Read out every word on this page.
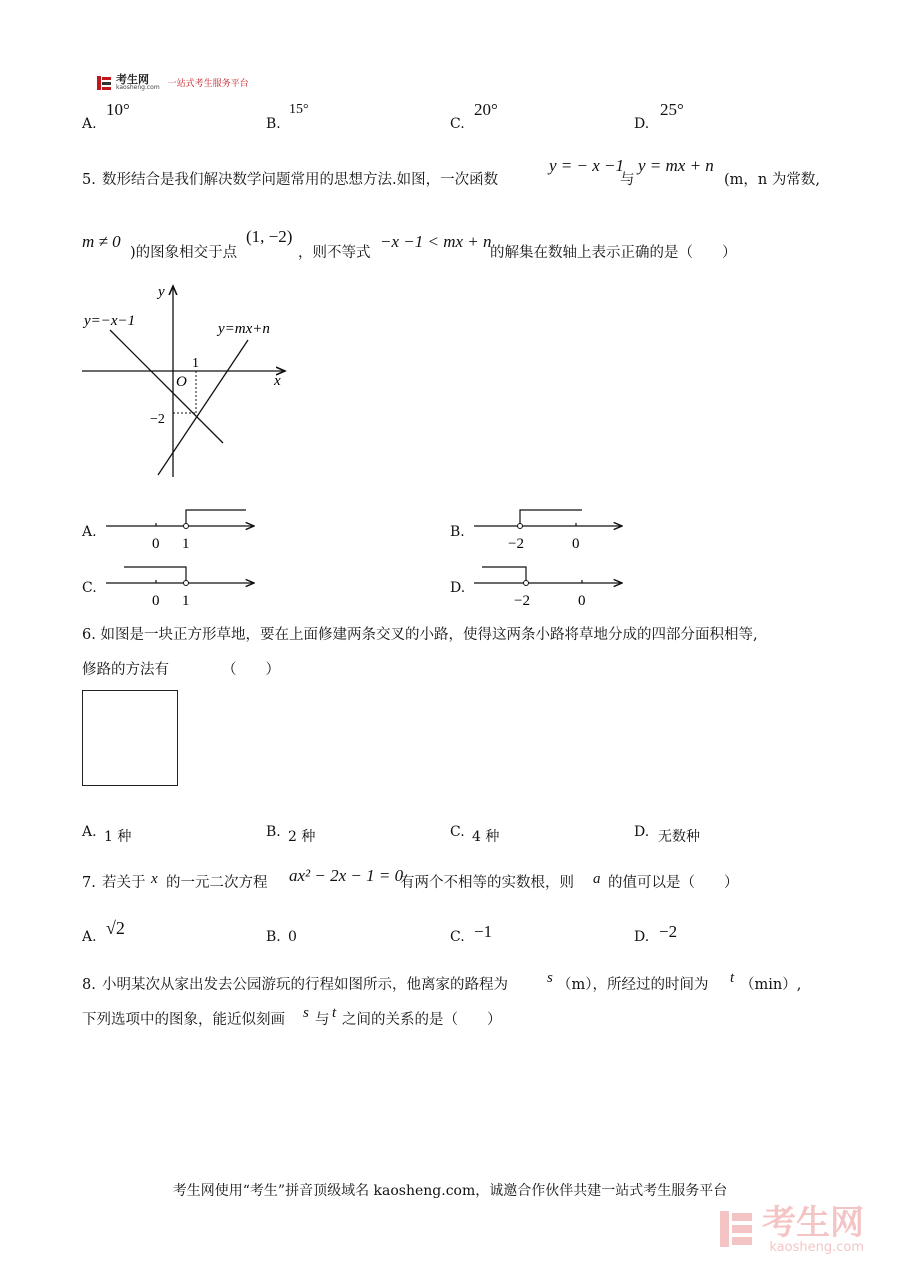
考生网
kaosheng.com 一站式考生服务平台
A.
10°
B.
15°
C.
20°
D.
25°
5. 数形结合是我们解决数学问题常用的思想方法.如图，一次函数
y = − x −1
与
y = mx + n
(m，n 为常数,
m ≠ 0
)的图象相交于点
(1, −2)
，则不等式
−x −1 < mx + n
的解集在数轴上表示正确的是（　　）
y
x
O
y=−x−1	y=mx+n
1
−2
A.
0 1
B.
−2	0
C.
0 1
D.
−2	0
6. 如图是一块正方形草地，要在上面修建两条交叉的小路，使得这两条小路将草地分成的四部分面积相等,
修路的方法有	（　　）
A. 1 种	B. 2 种	C. 4 种	D. 无数种
7. 若关于 x 的一元二次方程 ax² − 2x − 1 = 0
有两个不相等的实数根，则 a 的值可以是（　　）
A. √2	B. 0	C. −1	D. −2
8. 小明某次从家出发去公园游玩的行程如图所示，他离家的路程为	s （m），所经过的时间为 t （min）,
下列选项中的图象，能近似刻画 s 与 t 之间的关系的是（　　）
考生网使用“考生”拼音顶级域名 kaosheng.com，诚邀合作伙伴共建一站式考生服务平台
考生网
kaosheng.com
